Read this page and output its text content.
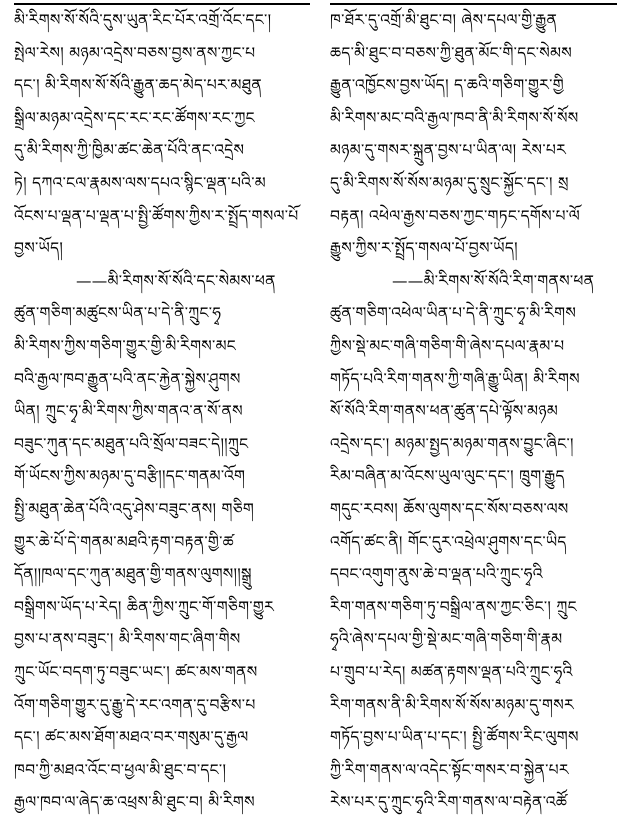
མི་རིགས་སོ་སོའི་དུས་ཡུན་རིང་པོར་འགྲོ་འོང་དང་།
སྤེལ་རེས། མཉམ་འདྲེས་བཅས་བྱས་ནས་ཀྱང་པ
དང་། མི་རིགས་སོ་སོའི་རྒྱུན་ཆད་མེད་པར་མཐུན
སྒྲིལ་མཉམ་འདྲེས་དང་རང་རང་ཚོགས་རང་ཀྱང
དུ་མི་རིགས་ཀྱི་ཁྱིམ་ཚང་ཆེན་པོའི་ནང་འདྲེས
ཏེ། དཀའ་ངལ་རྣམས་ལས་དཔའ་སྙིང་ལྡན་པའི་མ
འོངས་པ་ལྡན་པ་ལྡན་པ་སྤྱི་ཚོགས་ཀྱིས་ར་སྤྲོད་གསལ་པོ
བྱས་ཡོད།
——མི་རིགས་སོ་སོའི་དང་སེམས་ཕན
ཚུན་གཅིག་མཚུངས་ཡིན་པ་དེ་ནི་ཀྲུང་ཧྭ
མི་རིགས་ཀྱིས་གཅིག་གྱུར་གྱི་མི་རིགས་མང
བའི་རྒྱལ་ཁབ་རྒྱུན་པའི་ནང་རྐྱེན་སྐྱེས་ཤུགས
ཡིན། ཀྲུང་ཧྭ་མི་རིགས་ཀྱིས་གནའ་ན་སོ་ནས
བཟུང་ཀུན་དང་མཐུན་པའི་སྲོལ་བཟང་དེ།།ཀྲུང
གོ་ཡོངས་ཀྱིས་མཉམ་དུ་བརྩི།།དང་གནམ་འོག
སྤྱི་མཐུན་ཆེན་པོའི་འདུ་ཤེས་བཟུང་ནས། གཅིག
གྱུར་ཆེ་པོ་དེ་གནམ་མཐའི་རྟག་བརྟན་གྱི་ཚ
དོན།།ཁལ་དང་ཀུན་མཐུན་གྱི་གནས་ལུགས།།སྒྲུ
བསྒྲིགས་ཡོད་པ་རེད། ཆིན་ཀྱིས་ཀྲུང་གོ་གཅིག་གྱུར
བྱས་པ་ནས་བཟུང་། མི་རིགས་གང་ཞིག་གིས
ཀྲུང་ཡོང་བདག་ཏུ་བཟུང་ཡང་། ཚང་མས་གནས
འོག་གཅིག་གྱུར་དུ་རྒྱུ་དེ་རང་འགན་དུ་བརྩིས་པ
དང་། ཚང་མས་ཐོག་མཐའ་བར་གསུམ་དུ་རྒྱལ
ཁབ་ཀྱི་མཐའ་འོང་བ་ཕྱལ་མི་ཐུང་བ་དང་།
རྒྱལ་ཁབ་ལ་ཞེད་ཆ་འཕྲས་མི་ཐུང་བ། མི་རིགས
ཁ་ཐོར་དུ་འགྲོ་མི་ཐུང་བ། ཞེས་དཔལ་གྱི་རྒྱུན
ཆད་མི་ཐུང་བ་བཅས་ཀྱི་ཐུན་མོང་གི་དང་སེམས
རྒྱུན་འཁྱོངས་བྱས་ཡོད། ད་ཆའི་གཅིག་གྱུར་གྱི
མི་རིགས་མང་བའི་རྒྱལ་ཁབ་ནི་མི་རིགས་སོ་སོས
མཉམ་དུ་གསར་སྐྲུན་བྱས་པ་ཡིན་ལ། རེས་པར
དུ་མི་རིགས་སོ་སོས་མཉམ་དུ་སྲུང་སྐྱོང་དང་། སྲ
བརྟན། འཕེལ་རྒྱས་བཅས་ཀྱང་གཏང་དགོས་པ་ལོ
རྒྱུས་ཀྱིས་ར་སྤྲོད་གསལ་པོ་བྱས་ཡོད།
——མི་རིགས་སོ་སོའི་རིག་གནས་ཕན
ཚུན་གཅིག་འཕེལ་ཡིན་པ་དེ་ནི་ཀྲུང་ཧྭ་མི་རིགས
ཀྱིས་སྡེ་མང་གཞི་གཅིག་གི་ཞེས་དཔལ་རྣམ་པ
གཏོད་པའི་རིག་གནས་ཀྱི་གཞི་རྒྱུ་ཡིན། མི་རིགས
སོ་སོའི་རིག་གནས་ཕན་ཚུན་དཔེ་ལྟོས་མཉམ
འདྲེས་དང་། མཉམ་སྤྱད་མཉམ་གནས་བྱུང་ཞིང་།
རིམ་བཞིན་མ་འོངས་ཡུལ་ལུང་དང་། ཁྲུག་རྒྱུད
གདུང་རབས། ཆོས་ལུགས་དང་སོས་བཅས་ལས
འགོད་ཚང་ནི། གོང་དུར་འཕྲེལ་ཤུགས་དང་ཡིད
དབང་འགུག་ནུས་ཆེ་བ་ལྡན་པའི་ཀྲུང་ཧྭའི
རིག་གནས་གཅིག་ཏུ་བསྒྲིལ་ནས་ཀྱང་ཅིང་། ཀྲུང
ཧྭའི་ཞེས་དཔལ་གྱི་སྡེ་མང་གཞི་གཅིག་གི་རྣམ
པ་གྲུབ་པ་རེད། མཚན་རྟགས་ལྡན་པའི་ཀྲུང་ཧྭའི
རིག་གནས་ནི་མི་རིགས་སོ་སོས་མཉམ་དུ་གསར
གཏོད་བྱས་པ་ཡིན་པ་དང་། སྤྱི་ཚོགས་རིང་ལུགས
ཀྱི་རིག་གནས་ལ་འདེང་སྟོང་གསར་བ་སྐྱེན་པར
རེས་པར་དུ་ཀྲུང་ཧྭའི་རིག་གནས་ལ་བརྟེན་འཚོ
